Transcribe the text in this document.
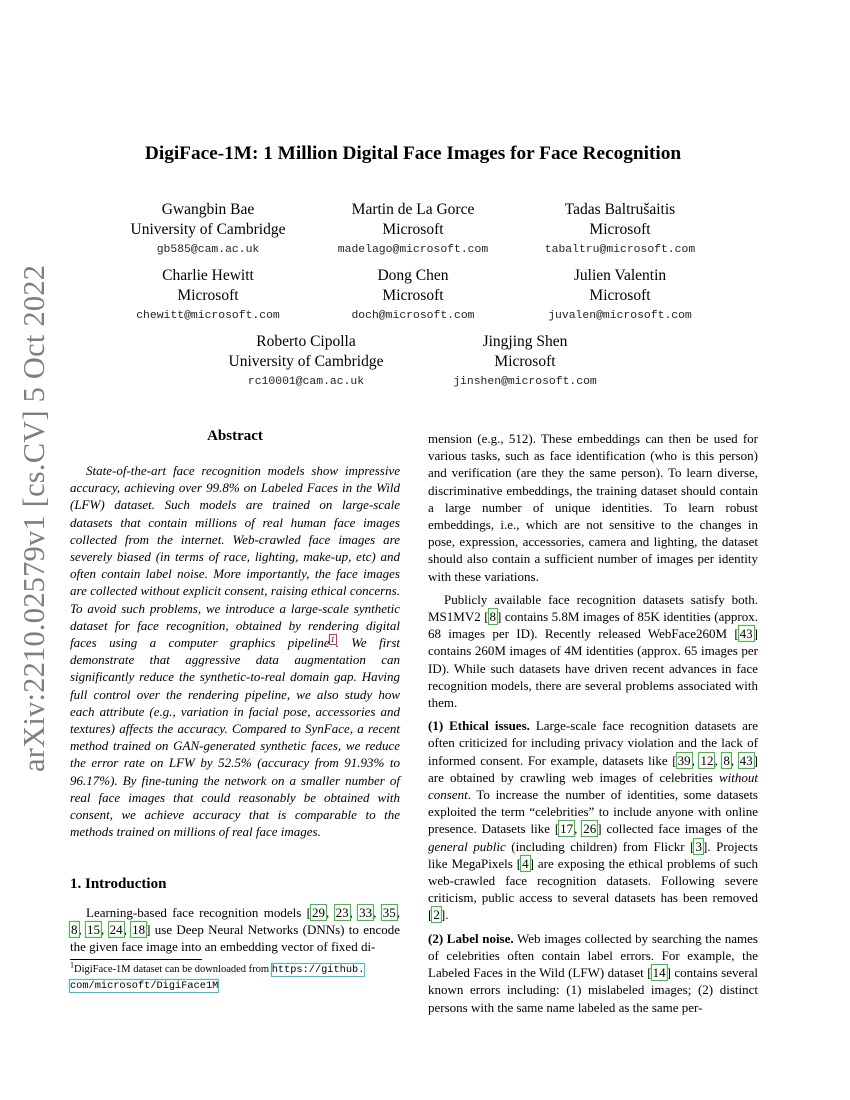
arXiv:2210.02579v1 [cs.CV] 5 Oct 2022
DigiFace-1M: 1 Million Digital Face Images for Face Recognition
Gwangbin Bae
University of Cambridge
gb585@cam.ac.uk
Martin de La Gorce
Microsoft
madelago@microsoft.com
Tadas Baltrušaitis
Microsoft
tabaltru@microsoft.com
Charlie Hewitt
Microsoft
chewitt@microsoft.com
Dong Chen
Microsoft
doch@microsoft.com
Julien Valentin
Microsoft
juvalen@microsoft.com
Roberto Cipolla
University of Cambridge
rc10001@cam.ac.uk
Jingjing Shen
Microsoft
jinshen@microsoft.com
Abstract
State-of-the-art face recognition models show impressive accuracy, achieving over 99.8% on Labeled Faces in the Wild (LFW) dataset. Such models are trained on large-scale datasets that contain millions of real human face images collected from the internet. Web-crawled face images are severely biased (in terms of race, lighting, make-up, etc) and often contain label noise. More importantly, the face images are collected without explicit consent, raising ethical concerns. To avoid such problems, we introduce a large-scale synthetic dataset for face recognition, obtained by rendering digital faces using a computer graphics pipeline$^1$. We first demonstrate that aggressive data augmentation can significantly reduce the synthetic-to-real domain gap. Having full control over the rendering pipeline, we also study how each attribute (e.g., variation in facial pose, accessories and textures) affects the accuracy. Compared to SynFace, a recent method trained on GAN-generated synthetic faces, we reduce the error rate on LFW by 52.5% (accuracy from 91.93% to 96.17%). By fine-tuning the network on a smaller number of real face images that could reasonably be obtained with consent, we achieve accuracy that is comparable to the methods trained on millions of real face images.
1. Introduction
Learning-based face recognition models [29, 23, 33, 35, 8, 15, 24, 18] use Deep Neural Networks (DNNs) to encode the given face image into an embedding vector of fixed di-
$^1$DigiFace-1M dataset can be downloaded from https://github.
com/microsoft/DigiFace1M

mension (e.g., 512). These embeddings can then be used for various tasks, such as face identification (who is this person) and verification (are they the same person). To learn diverse, discriminative embeddings, the training dataset should contain a large number of unique identities. To learn robust embeddings, i.e., which are not sensitive to the changes in pose, expression, accessories, camera and lighting, the dataset should also contain a sufficient number of images per identity with these variations.

Publicly available face recognition datasets satisfy both. MS1MV2 [8] contains 5.8M images of 85K identities (approx. 68 images per ID). Recently released WebFace260M [43] contains 260M images of 4M identities (approx. 65 images per ID). While such datasets have driven recent advances in face recognition models, there are several problems associated with them.

(1) Ethical issues. Large-scale face recognition datasets are often criticized for including privacy violation and the lack of informed consent. For example, datasets like [39, 12, 8, 43] are obtained by crawling web images of celebrities without consent. To increase the number of identities, some datasets exploited the term “celebrities” to include anyone with online presence. Datasets like [17, 26] collected face images of the general public (including children) from Flickr [3]. Projects like MegaPixels [4] are exposing the ethical problems of such web-crawled face recognition datasets. Following severe criticism, public access to several datasets has been removed [2].

(2) Label noise. Web images collected by searching the names of celebrities often contain label errors. For example, the Labeled Faces in the Wild (LFW) dataset [14] contains several known errors including: (1) mislabeled images; (2) distinct persons with the same name labeled as the same per-
